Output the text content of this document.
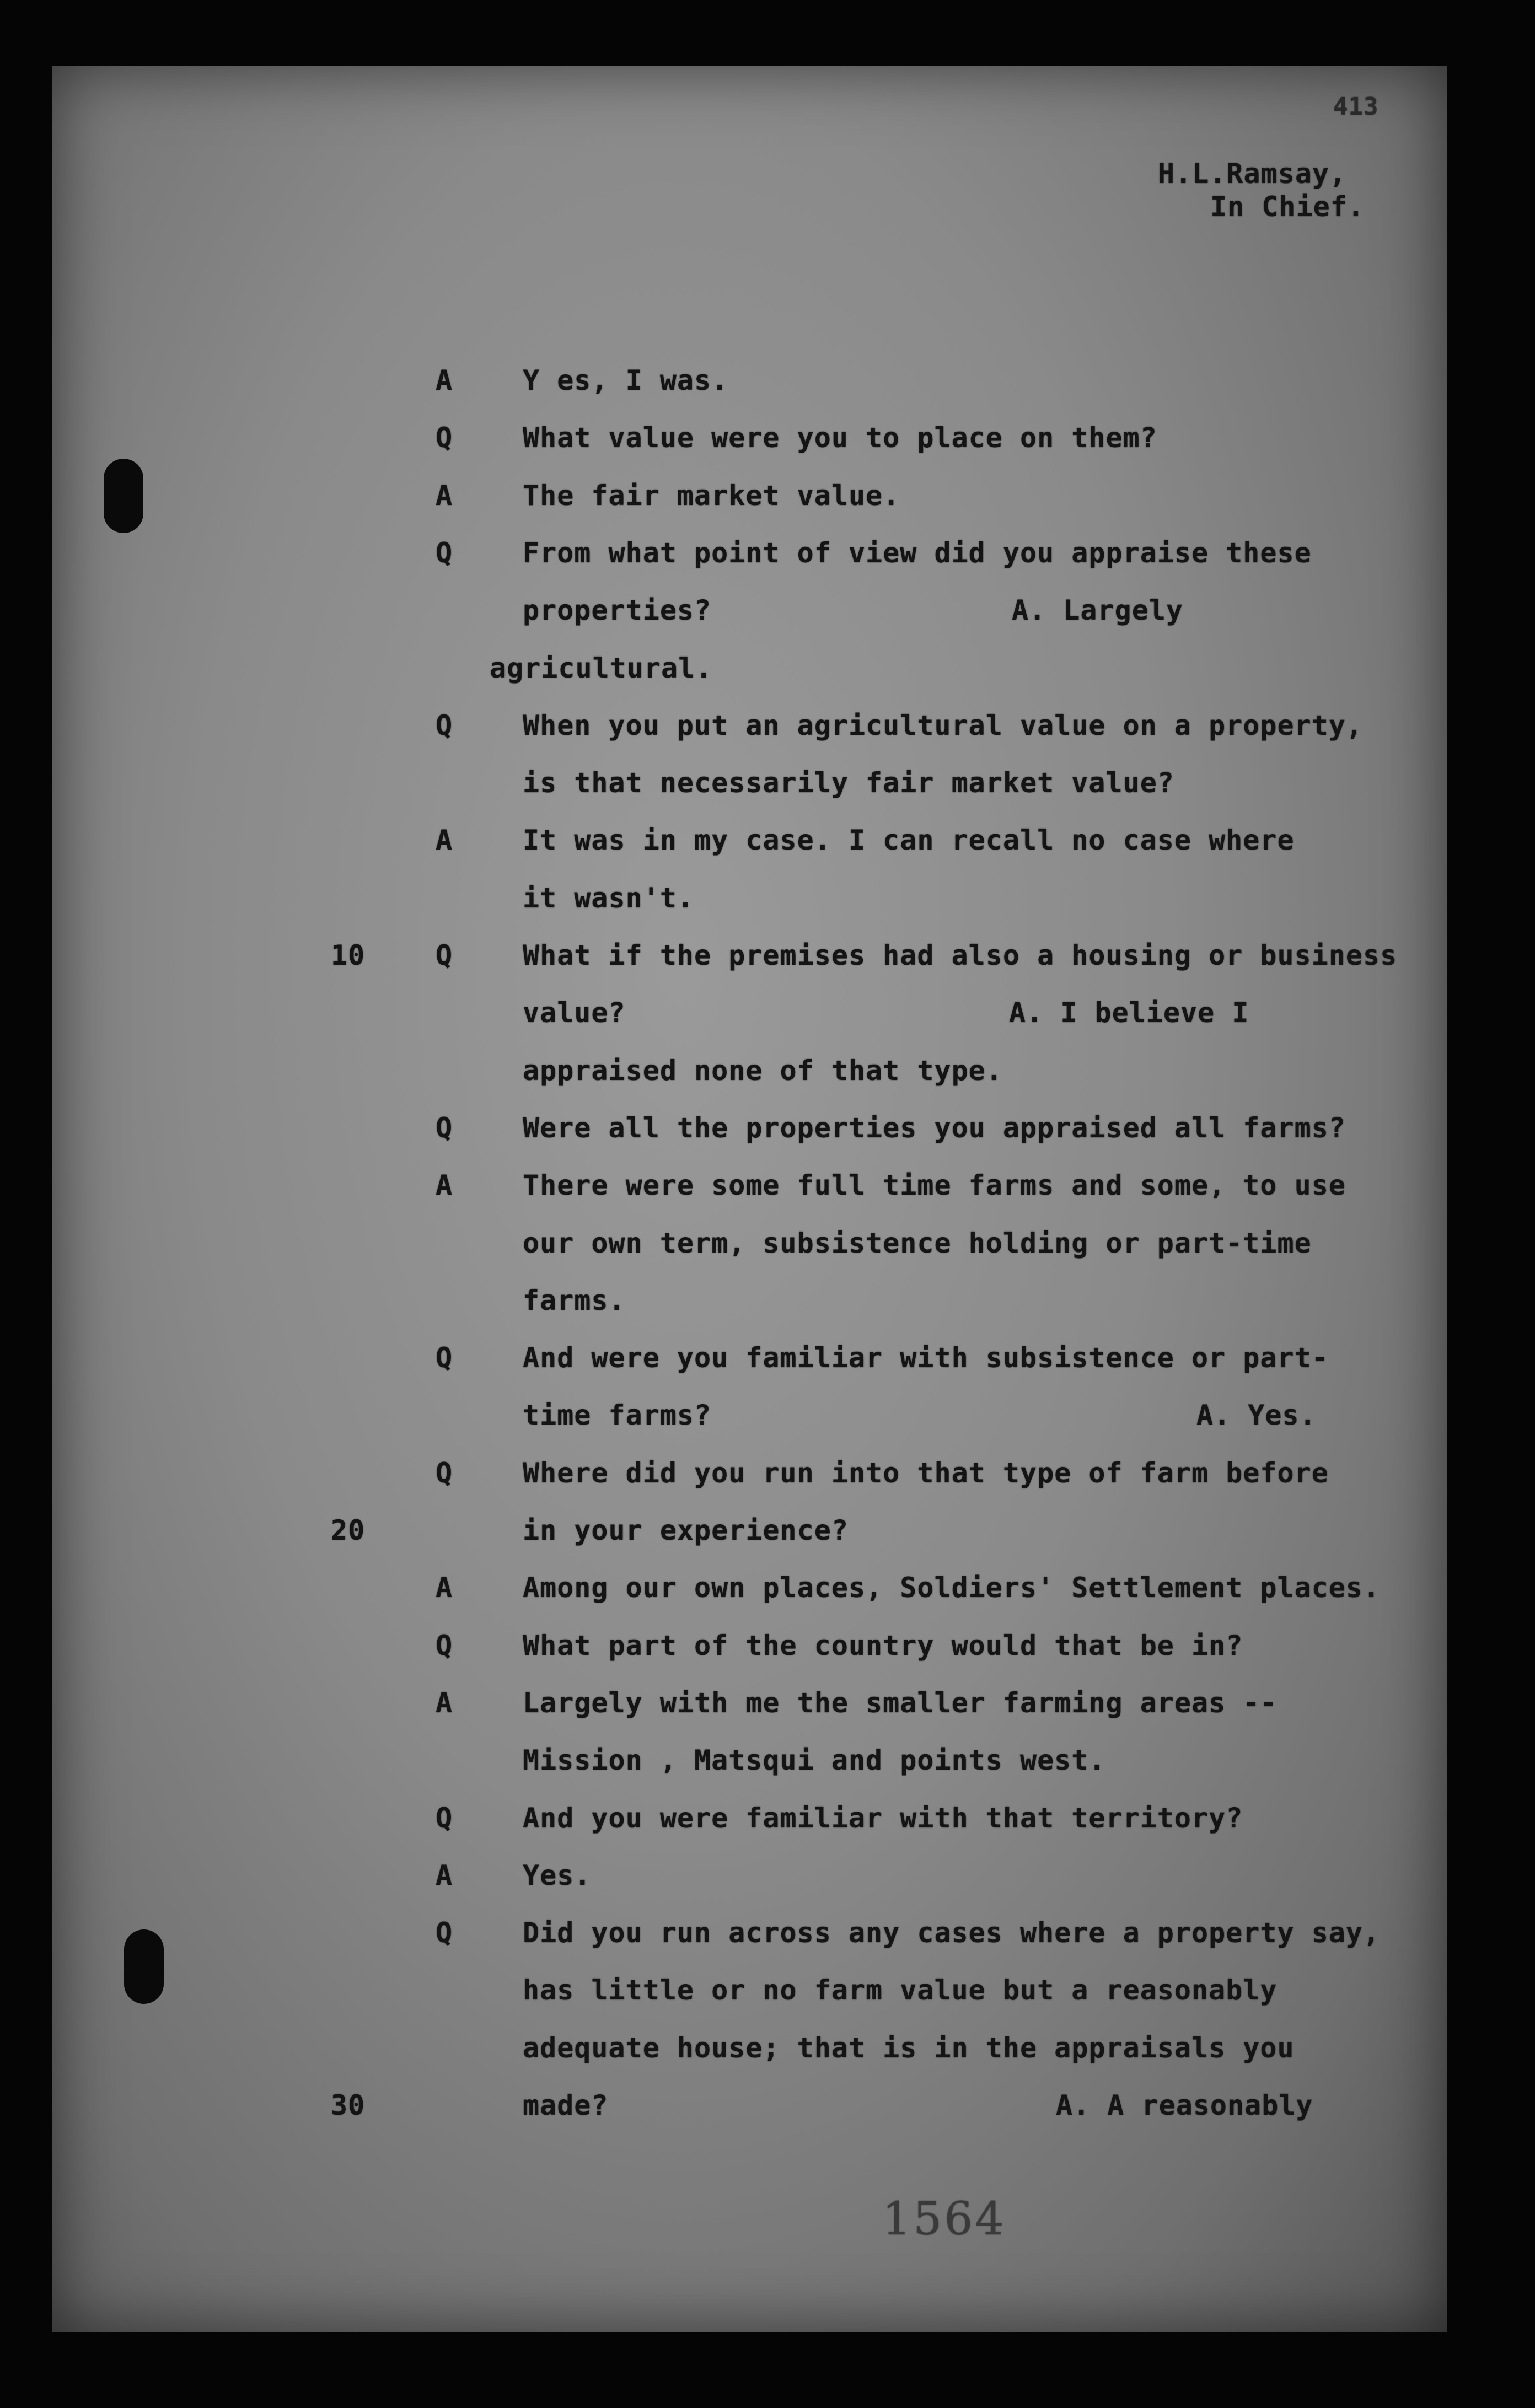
413
H.L.Ramsay,
In Chief.
A	Y es, I was.
Q	What value were you to place on them?
A	The fair market value.
Q	From what point of view did you appraise these
properties?	A. Largely
agricultural.
Q	When you put an agricultural value on a property,
is that necessarily fair market value?
A	It was in my case. I can recall no case where
it wasn't.
Q	What if the premises had also a housing or business
10
value?	A. I believe I
appraised none of that type.
Q	Were all the properties you appraised all farms?
A	There were some full time farms and some, to use
our own term, subsistence holding or part-time
farms.
Q	And were you familiar with subsistence or part-
time farms?	A. Yes.
Q	Where did you run into that type of farm before
in your experience?
20
A	Among our own places, Soldiers' Settlement places.
Q	What part of the country would that be in?
A	Largely with me the smaller farming areas --
Mission , Matsqui and points west.
Q	And you were familiar with that territory?
A	Yes.
Q	Did you run across any cases where a property say,
has little or no farm value but a reasonably
adequate house; that is in the appraisals you
made?	A. A reasonably
30
1564
